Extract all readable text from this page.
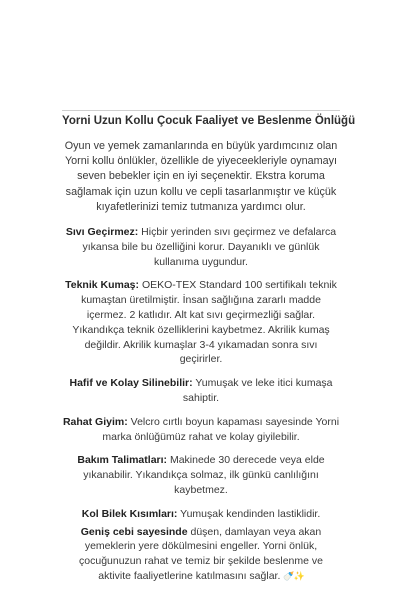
Yorni Uzun Kollu Çocuk Faaliyet ve Beslenme Önlüğü

Oyun ve yemek zamanlarında en büyük yardımcınız olan Yorni kollu önlükler, özellikle de yiyeceekleriyle oynamayı seven bebekler için en iyi seçenektir. Ekstra koruma sağlamak için uzun kollu ve cepli tasarlanmıştır ve küçük kıyafetlerinizi temiz tutmanıza yardımcı olur.

Sıvı Geçirmez: Hiçbir yerinden sıvı geçirmez ve defalarca yıkansa bile bu özelliğini korur. Dayanıklı ve günlük kullanıma uygundur.

Teknik Kumaş: OEKO-TEX Standard 100 sertifikalı teknik kumaştan üretilmiştir. İnsan sağlığına zararlı madde içermez. 2 katlıdır. Alt kat sıvı geçirmezliği sağlar. Yıkandıkça teknik özelliklerini kaybetmez. Akrilik kumaş değildir. Akrilik kumaşlar 3-4 yıkamadan sonra sıvı geçirirler.

Hafif ve Kolay Silinebilir: Yumuşak ve leke itici kumaşa sahiptir.

Rahat Giyim: Velcro cırtlı boyun kapaması sayesinde Yorni marka önlüğümüz rahat ve kolay giyilebilir.

Bakım Talimatları: Makinede 30 derecede veya elde yıkanabilir. Yıkandıkça solmaz, ilk günkü canlılığını kaybetmez.

Kol Bilek Kısımları: Yumuşak kendinden lastiklidir.

Geniş cebi sayesinde düşen, damlayan veya akan yemeklerin yere dökülmesini engeller. Yorni önlük, çocuğunuzun rahat ve temiz bir şekilde beslenme ve aktivite faaliyetlerine katılmasını sağlar. 🍼✨
